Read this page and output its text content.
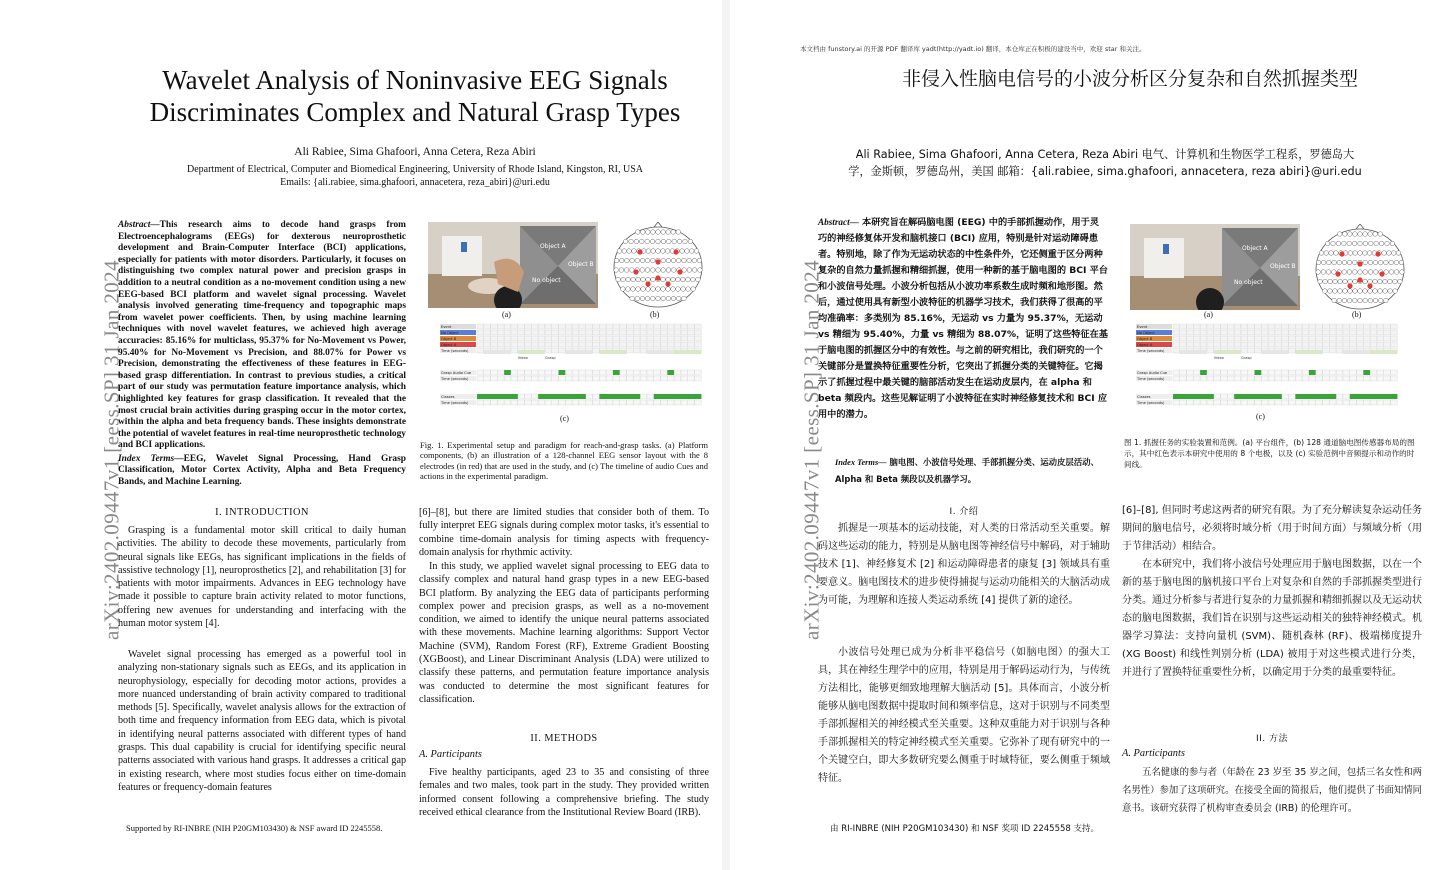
arXiv:2402.09447v1 [eess.SP] 31 Jan 2024
Wavelet Analysis of Noninvasive EEG Signals
Discriminates Complex and Natural Grasp Types
Ali Rabiee, Sima Ghafoori, Anna Cetera, Reza Abiri
Department of Electrical, Computer and Biomedical Engineering, University of Rhode Island, Kingston, RI, USA
Emails: {ali.rabiee, sima.ghafoori, annacetera, reza_abiri}@uri.edu
Abstract—This research aims to decode hand grasps from Electroencephalograms (EEGs) for dexterous neuroprosthetic development and Brain-Computer Interface (BCI) applications, especially for patients with motor disorders. Particularly, it focuses on distinguishing two complex natural power and precision grasps in addition to a neutral condition as a no-movement condition using a new EEG-based BCI platform and wavelet signal processing. Wavelet analysis involved generating time-frequency and topographic maps from wavelet power coefficients. Then, by using machine learning techniques with novel wavelet features, we achieved high average accuracies: 85.16% for multiclass, 95.37% for No-Movement vs Power, 95.40% for No-Movement vs Precision, and 88.07% for Power vs Precision, demonstrating the effectiveness of these features in EEG-based grasp differentiation. In contrast to previous studies, a critical part of our study was permutation feature importance analysis, which highlighted key features for grasp classification. It revealed that the most crucial brain activities during grasping occur in the motor cortex, within the alpha and beta frequency bands. These insights demonstrate the potential of wavelet features in real-time neuroprosthetic technology and BCI applications.
Index Terms—EEG, Wavelet Signal Processing, Hand Grasp Classification, Motor Cortex Activity, Alpha and Beta Frequency Bands, and Machine Learning.
Object A
Object B
No object
(a)	(b)
Event
No Object
Object B
Object A
Time (seconds)
Video	Grasp
Grasp Audio Cue
Time (seconds)
Classes
Time (seconds)
(c)
Fig. 1. Experimental setup and paradigm for reach-and-grasp tasks. (a) Platform components, (b) an illustration of a 128-channel EEG sensor layout with the 8 electrodes (in red) that are used in the study, and (c) The timeline of audio Cues and actions in the experimental paradigm.
I. INTRODUCTION
Grasping is a fundamental motor skill critical to daily human activities. The ability to decode these movements, particularly from neural signals like EEGs, has significant implications in the fields of assistive technology [1], neuroprosthetics [2], and rehabilitation [3] for patients with motor impairments. Advances in EEG technology have made it possible to capture brain activity related to motor functions, offering new avenues for understanding and interfacing with the human motor system [4].
Wavelet signal processing has emerged as a powerful tool in analyzing non-stationary signals such as EEGs, and its application in neurophysiology, especially for decoding motor actions, provides a more nuanced understanding of brain activity compared to traditional methods [5]. Specifically, wavelet analysis allows for the extraction of both time and frequency information from EEG data, which is pivotal in identifying neural patterns associated with different types of hand grasps. This dual capability is crucial for identifying specific neural patterns associated with various hand grasps. It addresses a critical gap in existing research, where most studies focus either on time-domain features or frequency-domain features
Supported by RI-INBRE (NIH P20GM103430) & NSF award ID 2245558.
[6]–[8], but there are limited studies that consider both of them. To fully interpret EEG signals during complex motor tasks, it's essential to combine time-domain analysis for timing aspects with frequency-domain analysis for rhythmic activity.
In this study, we applied wavelet signal processing to EEG data to classify complex and natural hand grasp types in a new EEG-based BCI platform. By analyzing the EEG data of participants performing complex power and precision grasps, as well as a no-movement condition, we aimed to identify the unique neural patterns associated with these movements. Machine learning algorithms: Support Vector Machine (SVM), Random Forest (RF), Extreme Gradient Boosting (XGBoost), and Linear Discriminant Analysis (LDA) were utilized to classify these patterns, and permutation feature importance analysis was conducted to determine the most significant features for classification.
II. METHODS
A. Participants
Five healthy participants, aged 23 to 35 and consisting of three females and two males, took part in the study. They provided written informed consent following a comprehensive briefing. The study received ethical clearance from the Institutional Review Board (IRB).
本文档由 funstory.ai 的开源 PDF 翻译库 yadt(http://yadt.io) 翻译，本仓库正在积极的建设当中，欢迎 star 和关注。
arXiv:2402.09447v1 [eess.SP] 31 Jan 2024
非侵入性脑电信号的小波分析区分复杂和自然抓握类型
Ali Rabiee, Sima Ghafoori, Anna Cetera, Reza Abiri 电气、计算机和生物医学工程系，罗德岛大
学，金斯顿，罗德岛州，美国 邮箱：{ali.rabiee, sima.ghafoori, annacetera, reza abiri}@uri.edu
Abstract— 本研究旨在解码脑电图 (EEG) 中的手部抓握动作，用于灵巧的神经修复体开发和脑机接口 (BCI) 应用，特别是针对运动障碍患者。特别地，除了作为无运动状态的中性条件外，它还侧重于区分两种复杂的自然力量抓握和精细抓握，使用一种新的基于脑电图的 BCI 平台和小波信号处理。小波分析包括从小波功率系数生成时频和地形图。然后，通过使用具有新型小波特征的机器学习技术，我们获得了很高的平均准确率：多类别为 85.16%，无运动 vs 力量为 95.37%，无运动 vs 精细为 95.40%，力量 vs 精细为 88.07%，证明了这些特征在基于脑电图的抓握区分中的有效性。与之前的研究相比，我们研究的一个关键部分是置换特征重要性分析，它突出了抓握分类的关键特征。它揭示了抓握过程中最关键的脑部活动发生在运动皮层内，在 alpha 和 beta 频段内。这些见解证明了小波特征在实时神经修复技术和 BCI 应用中的潜力。
Index Terms— 脑电图、小波信号处理、手部抓握分类、运动皮层活动、 Alpha 和 Beta 频段以及机器学习。
Object A
Object B
No object
(a)	(b)
Event
No Object
Object B
Object A
Time (seconds)
Video	Grasp
Grasp Audio Cue
Time (seconds)
Classes
Time (seconds)
(c)
图 1. 抓握任务的实验装置和范例。(a) 平台组件，(b) 128 通道脑电图传感器布局的图示，其中红色表示本研究中使用的 8 个电极，以及 (c) 实验范例中音频提示和动作的时间线。
I. 介绍
抓握是一项基本的运动技能，对人类的日常活动至关重要。解码这些运动的能力，特别是从脑电图等神经信号中解码，对于辅助技术 [1]、神经修复术 [2] 和运动障碍患者的康复 [3] 领域具有重要意义。脑电图技术的进步使得捕捉与运动功能相关的大脑活动成为可能，为理解和连接人类运动系统 [4] 提供了新的途径。
小波信号处理已成为分析非平稳信号（如脑电图）的强大工具，其在神经生理学中的应用，特别是用于解码运动行为，与传统方法相比，能够更细致地理解大脑活动 [5]。具体而言，小波分析能够从脑电图数据中提取时间和频率信息，这对于识别与不同类型手部抓握相关的神经模式至关重要。这种双重能力对于识别与各种手部抓握相关的特定神经模式至关重要。它弥补了现有研究中的一个关键空白，即大多数研究要么侧重于时域特征，要么侧重于频域特征。
由 RI-INBRE (NIH P20GM103430) 和 NSF 奖项 ID 2245558 支持。
[6]–[8], 但同时考虑这两者的研究有限。为了充分解读复杂运动任务期间的脑电信号，必须将时域分析（用于时间方面）与频域分析（用于节律活动）相结合。
在本研究中，我们将小波信号处理应用于脑电图数据，以在一个新的基于脑电图的脑机接口平台上对复杂和自然的手部抓握类型进行分类。通过分析参与者进行复杂的力量抓握和精细抓握以及无运动状态的脑电图数据，我们旨在识别与这些运动相关的独特神经模式。机器学习算法：支持向量机 (SVM)、随机森林 (RF)、极端梯度提升 (XG Boost) 和线性判别分析 (LDA) 被用于对这些模式进行分类，并进行了置换特征重要性分析，以确定用于分类的最重要特征。
II. 方法
A. Participants
五名健康的参与者（年龄在 23 岁至 35 岁之间，包括三名女性和两名男性）参加了这项研究。在接受全面的简报后，他们提供了书面知情同意书。该研究获得了机构审查委员会 (IRB) 的伦理许可。
